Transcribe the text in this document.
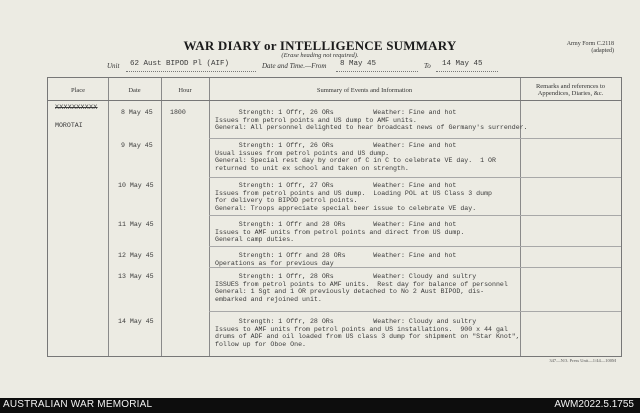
WAR DIARY or INTELLIGENCE SUMMARY
(Erase heading not required).
Army Form C.2118
(adapted)
Unit 62 Aust BIPOD Pl (AIF)	Date and Time.—From 8 May 45	To 14 May 45
Place	Date	Hour	Summary of Events and Information	Remarks and references to Appendices, Diaries, &c.
XXXXXXXXXX
MOROTAI
8 May 45	1800	Strength: 1 Offr, 26 ORs          Weather: Fine and hot
Issues from petrol points and US dump to AMF units.
General: All personnel delighted to hear broadcast news of Germany's surrender.
9 May 45	Strength: 1 Offr, 26 ORs          Weather: Fine and hot
Usual issues from petrol points and US dump.
General: Special rest day by order of C in C to celebrate VE day.  1 OR
returned to unit ex school and taken on strength.
10 May 45	Strength: 1 Offr, 27 ORs          Weather: Fine and hot
Issues from petrol points and US dump.  Loading POL at US Class 3 dump
for delivery to BIPOD petrol points.
General: Troops appreciate special beer issue to celebrate VE day.
11 May 45	Strength: 1 Offr and 28 ORs       Weather: Fine and hot
Issues to AMF units from petrol points and direct from US dump.
General camp duties.
12 May 45	Strength: 1 Offr and 28 ORs       Weather: Fine and hot
Operations as for previous day
13 May 45	Strength: 1 Offr, 28 ORs          Weather: Cloudy and sultry
ISSUES from petrol points to AMF units.  Rest day for balance of personnel
General: 1 Sgt and 1 OR previously detached to No 2 Aust BIPOD, dis-
embarked and rejoined unit.
14 May 45	Strength: 1 Offr, 28 ORs          Weather: Cloudy and sultry
Issues to AMF units from petrol points and US installations.  900 x 44 gal
drums of ADF and oil loaded from US class 3 dump for shipment on "Star Knot",
follow up for Oboe One.
347—N/3. Press Unit—1/44—100M
AUSTRALIAN WAR MEMORIAL	AWM2022.5.1755
